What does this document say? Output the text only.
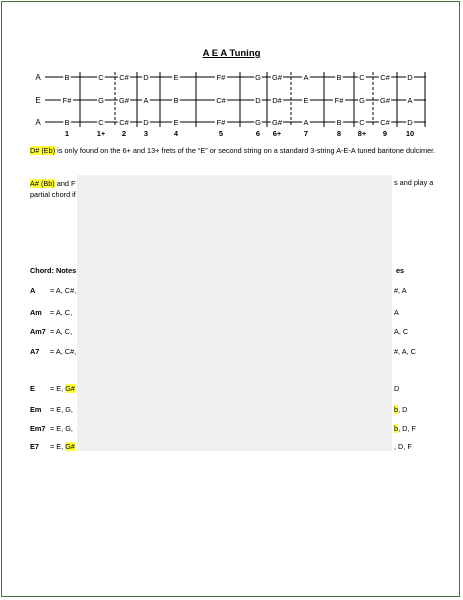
A E A Tuning
A
E
A
B	C C# D	E	F#	G G#	A	B C C# D
F#	G G# A	B	C#	D D#	E	F# G G# A
B	C C# D	E	F#	G G#	A	B C C# D
1	1+ 2 3	4	5	6 6+	7	8 8+ 9 10
D# (Eb) is only found on the 6+ and 13+ frets of the “E” or second string on a standard 3-string A-E-A tuned baritone dulcimer.
A# (Bb) and F	s and play a
partial chord if
Chord: Notes	es
A = A, C#,	#, A
Am = A, C,	A
Am7 = A, C,	A, C
A7 = A, C#,	#, A, C
E = E, G#	D
Em = E, G,	b, D
Em7 = E, G,	b, D, F
E7 = E, G#	, D, F
